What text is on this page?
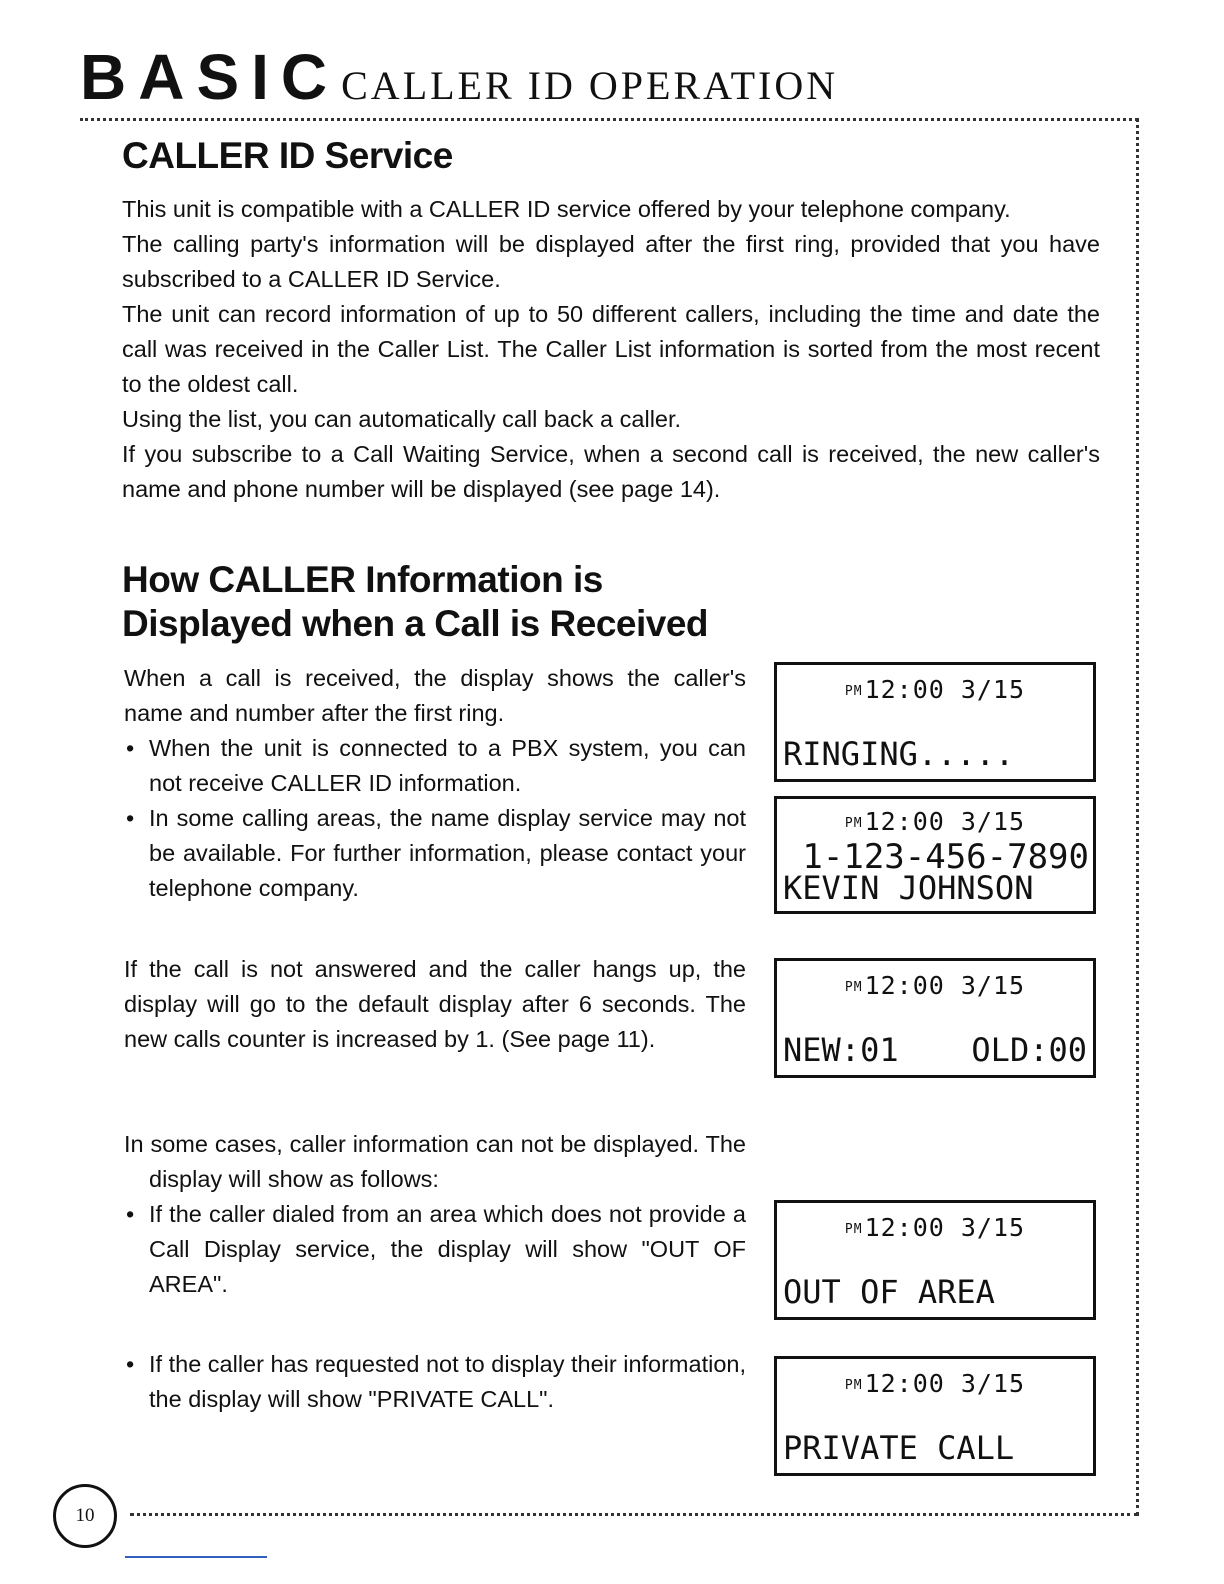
BASICCALLER ID OPERATION
CALLER ID Service

This unit is compatible with a CALLER ID service offered by your telephone company.

The calling party's information will be displayed after the first ring, provided that you have subscribed to a CALLER ID Service.

The unit can record information of up to 50 different callers, including the time and date the call was received in the Caller List. The Caller List information is sorted from the most recent to the oldest call.

Using the list, you can automatically call back a caller.

If you subscribe to a Call Waiting Service, when a second call is received, the new caller's name and phone number will be displayed (see page 14).

How CALLER Information is
Displayed when a Call is Received

When a call is received, the display shows the caller's name and number after the first ring.

• When the unit is connected to a PBX system, you can not receive CALLER ID information.
• In some calling areas, the name display service may not be available. For further information, please contact your telephone company.

If the call is not answered and the caller hangs up, the display will go to the default display after 6 seconds. The new calls counter is increased by 1. (See page 11).

In some cases, caller information can not be displayed. The display will show as follows:

• If the caller dialed from an area which does not provide a Call Display service, the display will show "OUT OF AREA".
• If the caller has requested not to display their information, the display will show "PRIVATE CALL".
PM12:00 3/15
RINGING.....
PM12:00 3/15
1-123-456-7890
KEVIN JOHNSON
PM12:00 3/15
NEW:01 OLD:00
PM12:00 3/15
OUT OF AREA
PM12:00 3/15
PRIVATE CALL
10
